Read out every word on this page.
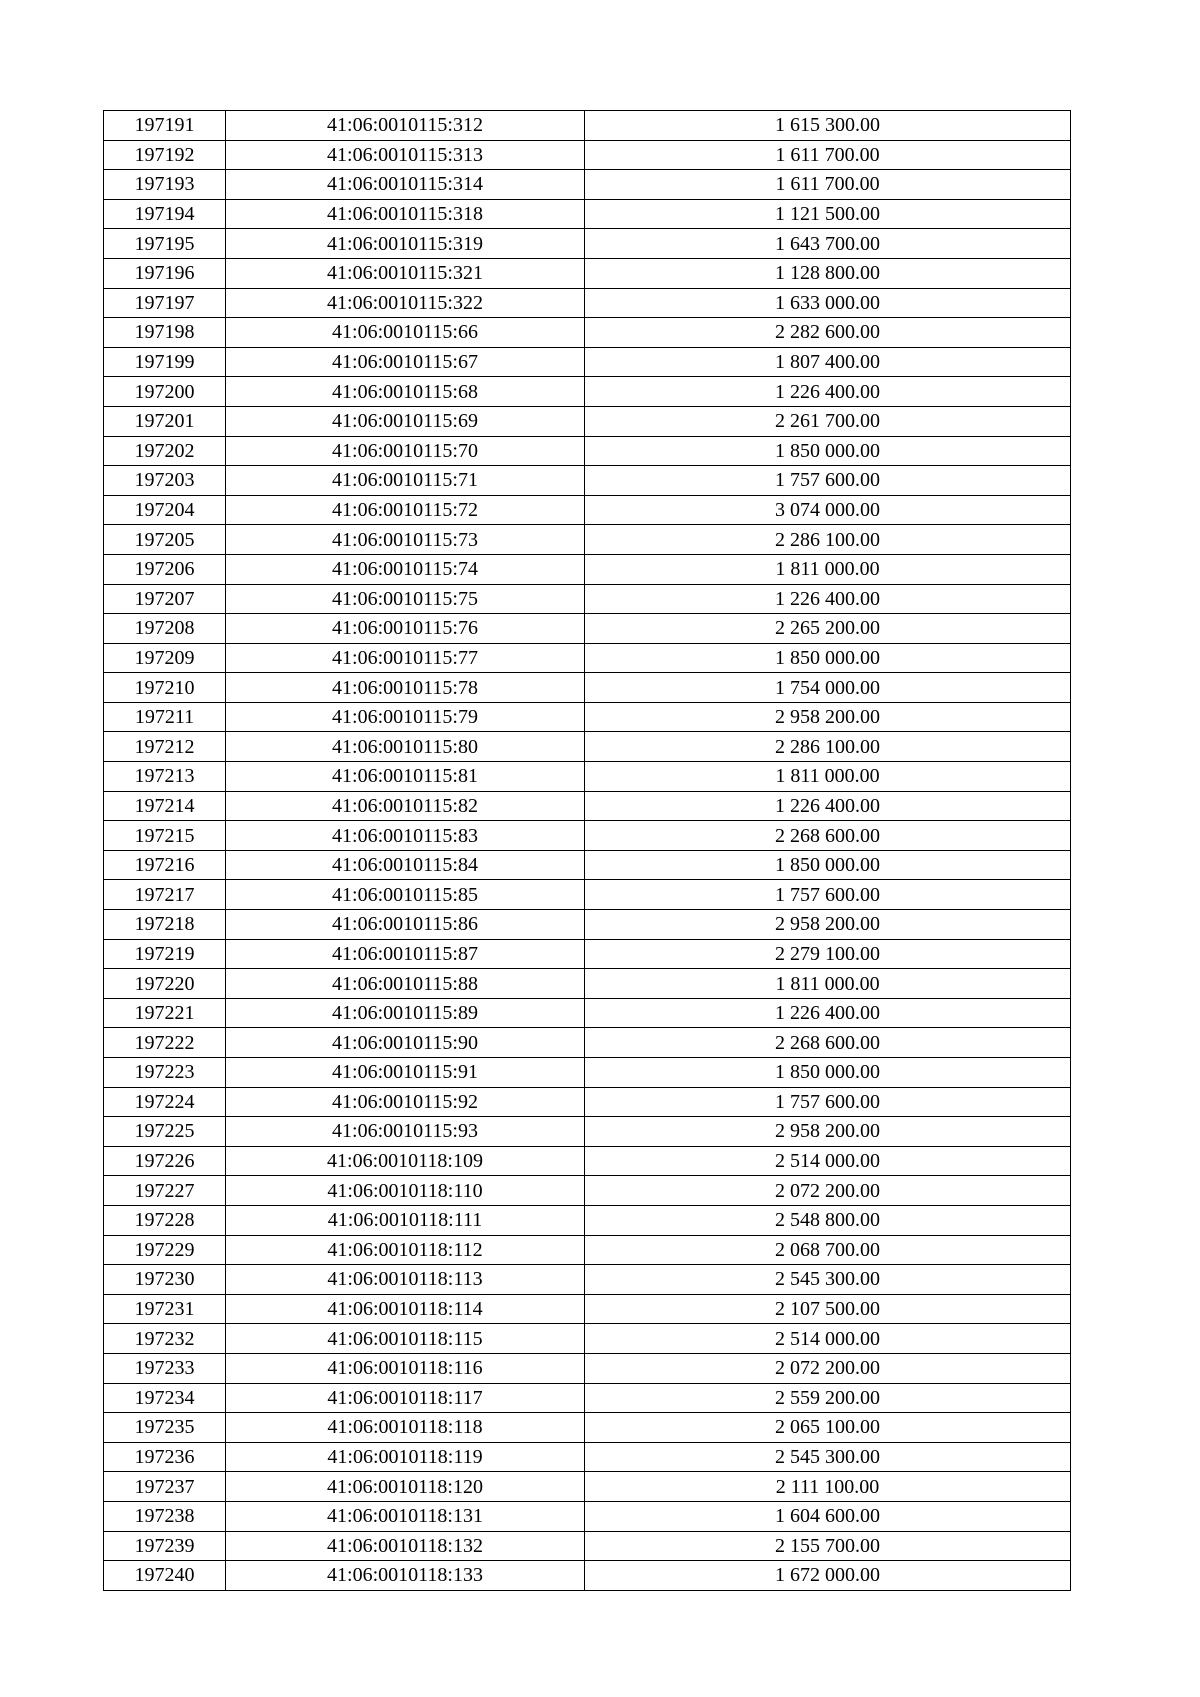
197191	41:06:0010115:312	1 615 300.00
197192	41:06:0010115:313	1 611 700.00
197193	41:06:0010115:314	1 611 700.00
197194	41:06:0010115:318	1 121 500.00
197195	41:06:0010115:319	1 643 700.00
197196	41:06:0010115:321	1 128 800.00
197197	41:06:0010115:322	1 633 000.00
197198	41:06:0010115:66	2 282 600.00
197199	41:06:0010115:67	1 807 400.00
197200	41:06:0010115:68	1 226 400.00
197201	41:06:0010115:69	2 261 700.00
197202	41:06:0010115:70	1 850 000.00
197203	41:06:0010115:71	1 757 600.00
197204	41:06:0010115:72	3 074 000.00
197205	41:06:0010115:73	2 286 100.00
197206	41:06:0010115:74	1 811 000.00
197207	41:06:0010115:75	1 226 400.00
197208	41:06:0010115:76	2 265 200.00
197209	41:06:0010115:77	1 850 000.00
197210	41:06:0010115:78	1 754 000.00
197211	41:06:0010115:79	2 958 200.00
197212	41:06:0010115:80	2 286 100.00
197213	41:06:0010115:81	1 811 000.00
197214	41:06:0010115:82	1 226 400.00
197215	41:06:0010115:83	2 268 600.00
197216	41:06:0010115:84	1 850 000.00
197217	41:06:0010115:85	1 757 600.00
197218	41:06:0010115:86	2 958 200.00
197219	41:06:0010115:87	2 279 100.00
197220	41:06:0010115:88	1 811 000.00
197221	41:06:0010115:89	1 226 400.00
197222	41:06:0010115:90	2 268 600.00
197223	41:06:0010115:91	1 850 000.00
197224	41:06:0010115:92	1 757 600.00
197225	41:06:0010115:93	2 958 200.00
197226	41:06:0010118:109	2 514 000.00
197227	41:06:0010118:110	2 072 200.00
197228	41:06:0010118:111	2 548 800.00
197229	41:06:0010118:112	2 068 700.00
197230	41:06:0010118:113	2 545 300.00
197231	41:06:0010118:114	2 107 500.00
197232	41:06:0010118:115	2 514 000.00
197233	41:06:0010118:116	2 072 200.00
197234	41:06:0010118:117	2 559 200.00
197235	41:06:0010118:118	2 065 100.00
197236	41:06:0010118:119	2 545 300.00
197237	41:06:0010118:120	2 111 100.00
197238	41:06:0010118:131	1 604 600.00
197239	41:06:0010118:132	2 155 700.00
197240	41:06:0010118:133	1 672 000.00
